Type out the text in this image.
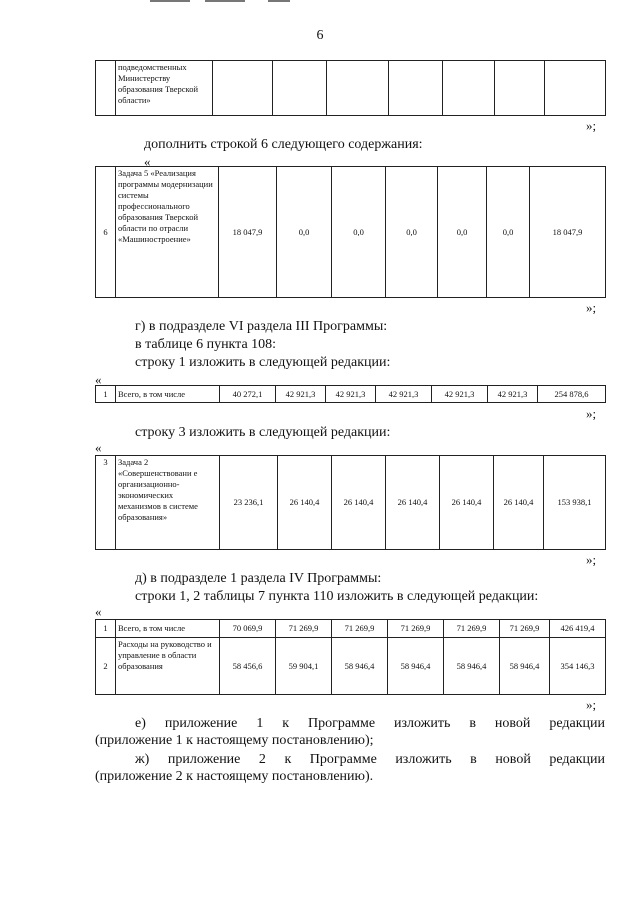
6
	подведомственных Министерству образования Тверской области»							
»;
дополнить строкой 6 следующего содержания:
«
6	Задача 5 «Реализация программы модернизации системы профессионального образования Тверской области по отрасли «Машиностроение»	18 047,9	0,0	0,0	0,0	0,0	0,0	18 047,9
»;
г) в подразделе VI раздела III Программы:
в таблице 6 пункта 108:
строку 1 изложить в следующей редакции:
«
1	Всего, в том числе	40 272,1	42 921,3	42 921,3	42 921,3	42 921,3	42 921,3	254 878,6
»;
строку 3 изложить в следующей редакции:
«
3	Задача 2 «Совершенствовани е организационно-экономических механизмов в системе образования»	23 236,1	26 140,4	26 140,4	26 140,4	26 140,4	26 140,4	153 938,1
»;
д) в подразделе 1 раздела IV Программы:
строки 1, 2 таблицы 7 пункта 110 изложить в следующей редакции:
«
1	Всего, в том числе	70 069,9	71 269,9	71 269,9	71 269,9	71 269,9	71 269,9	426 419,4
2	Расходы на руководство и управление в области образования	58 456,6	59 904,1	58 946,4	58 946,4	58 946,4	58 946,4	354 146,3
»;
е) приложение 1 к Программе изложить в новой редакции
(приложение 1 к настоящему постановлению);
ж) приложение 2 к Программе изложить в новой редакции
(приложение 2 к настоящему постановлению).
